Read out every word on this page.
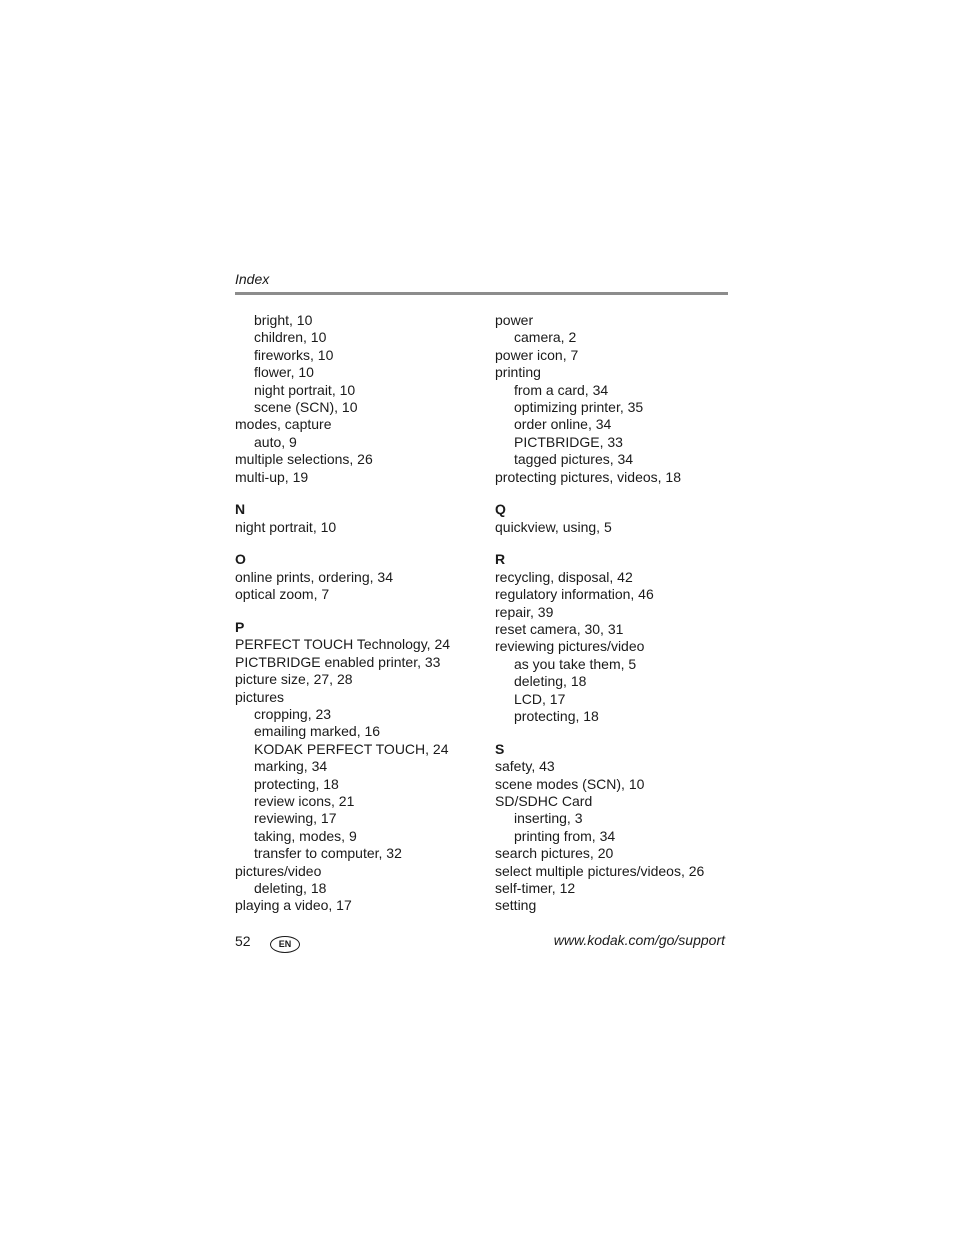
Index
bright, 10
children, 10
fireworks, 10
flower, 10
night portrait, 10
scene (SCN), 10
modes, capture
auto, 9
multiple selections, 26
multi-up, 19
N
night portrait, 10
O
online prints, ordering, 34
optical zoom, 7
P
PERFECT TOUCH Technology, 24
PICTBRIDGE enabled printer, 33
picture size, 27, 28
pictures
cropping, 23
emailing marked, 16
KODAK PERFECT TOUCH, 24
marking, 34
protecting, 18
review icons, 21
reviewing, 17
taking, modes, 9
transfer to computer, 32
pictures/video
deleting, 18
playing a video, 17
power
camera, 2
power icon, 7
printing
from a card, 34
optimizing printer, 35
order online, 34
PICTBRIDGE, 33
tagged pictures, 34
protecting pictures, videos, 18
Q
quickview, using, 5
R
recycling, disposal, 42
regulatory information, 46
repair, 39
reset camera, 30, 31
reviewing pictures/video
as you take them, 5
deleting, 18
LCD, 17
protecting, 18
S
safety, 43
scene modes (SCN), 10
SD/SDHC Card
inserting, 3
printing from, 34
search pictures, 20
select multiple pictures/videos, 26
self-timer, 12
setting
52	EN	www.kodak.com/go/support
